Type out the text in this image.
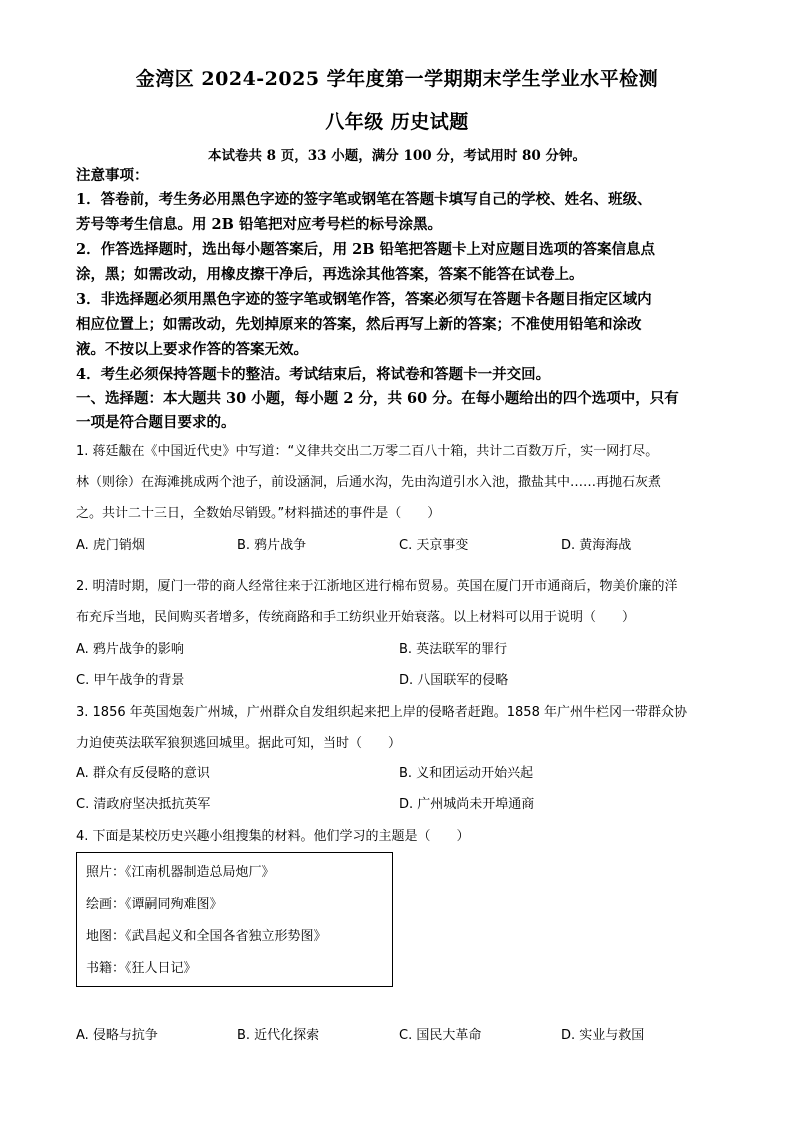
金湾区 2024-2025 学年度第一学期期末学生学业水平检测
八年级 历史试题
本试卷共 8 页，33 小题，满分 100 分，考试用时 80 分钟。
注意事项：
1．答卷前，考生务必用黑色字迹的签字笔或钢笔在答题卡填写自己的学校、姓名、班级、
芳号等考生信息。用 2B 铅笔把对应考号栏的标号涂黑。
2．作答选择题时，选出每小题答案后，用 2B 铅笔把答题卡上对应题目选项的答案信息点
涂，黑；如需改动，用橡皮擦干净后，再选涂其他答案，答案不能答在试卷上。
3．非选择题必须用黑色字迹的签字笔或钢笔作答，答案必须写在答题卡各题目指定区域内
相应位置上；如需改动，先划掉原来的答案，然后再写上新的答案；不准使用铅笔和涂改
液。不按以上要求作答的答案无效。
4．考生必须保持答题卡的整洁。考试结束后，将试卷和答题卡一并交回。
一、选择题：本大题共 30 小题，每小题 2 分，共 60 分。在每小题给出的四个选项中，只有
一项是符合题目要求的。
1. 蒋廷黻在《中国近代史》中写道：“义律共交出二万零二百八十箱，共计二百数万斤，实一网打尽。
林（则徐）在海滩挑成两个池子，前设涵洞，后通水沟，先由沟道引水入池，撒盐其中……再抛石灰煮
之。共计二十三日，全数始尽销毁。”材料描述的事件是（　　）
A. 虎门销烟	B. 鸦片战争	C. 天京事变	D. 黄海海战
2. 明清时期，厦门一带的商人经常往来于江浙地区进行棉布贸易。英国在厦门开市通商后，物美价廉的洋
布充斥当地，民间购买者增多，传统商路和手工纺织业开始衰落。以上材料可以用于说明（　　）
A. 鸦片战争的影响	B. 英法联军的罪行
C. 甲午战争的背景	D. 八国联军的侵略
3. 1856 年英国炮轰广州城，广州群众自发组织起来把上岸的侵略者赶跑。1858 年广州牛栏冈一带群众协
力迫使英法联军狼狈逃回城里。据此可知，当时（　　）
A. 群众有反侵略的意识	B. 义和团运动开始兴起
C. 清政府坚决抵抗英军	D. 广州城尚未开埠通商
4. 下面是某校历史兴趣小组搜集的材料。他们学习的主题是（　　）
照片：《江南机器制造总局炮厂》
绘画：《谭嗣同殉难图》
地图：《武昌起义和全国各省独立形势图》
书籍：《狂人日记》
A. 侵略与抗争	B. 近代化探索	C. 国民大革命	D. 实业与救国
